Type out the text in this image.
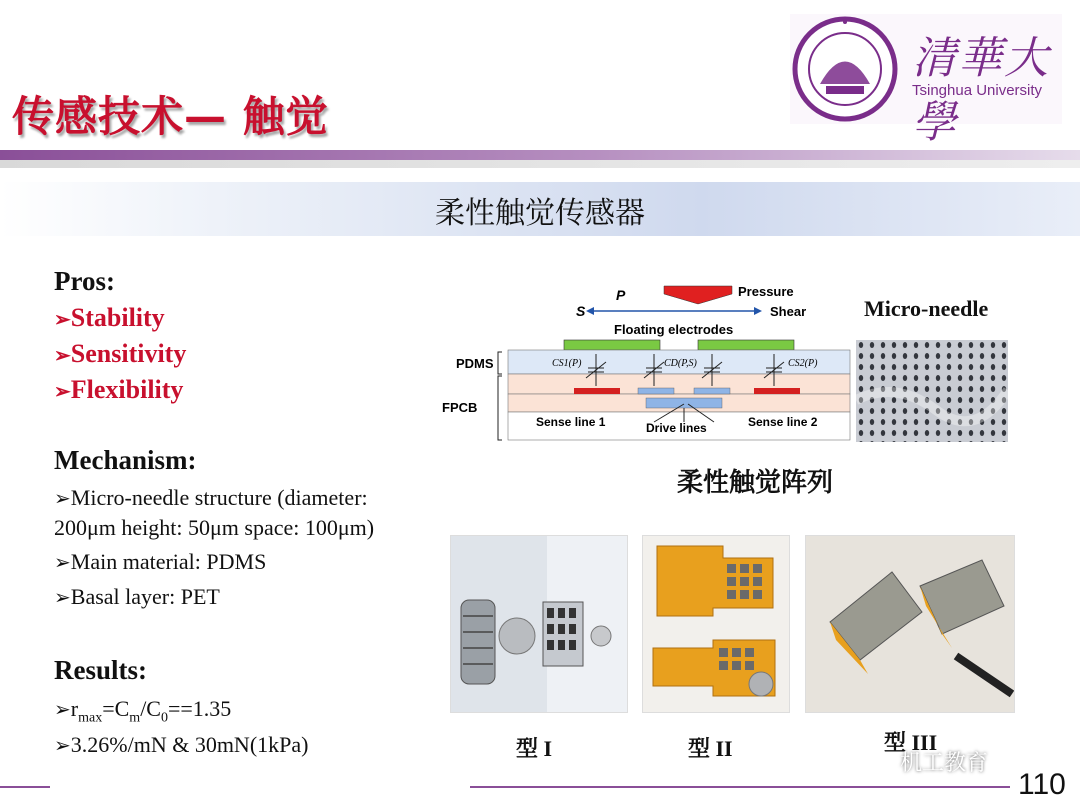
传感技术— 触觉
清華大學
Tsinghua University
柔性触觉传感器
Pros:
➢Stability
➢Sensitivity
➢Flexibility
Mechanism:
➢Micro-needle structure (diameter:
200μm height: 50μm space: 100μm)
➢Main material: PDMS
➢Basal layer: PET
Results:
$➢r_{max}=C_m/C_0==1.35$
➢3.26%/mN & 30mN(1kPa)
P	Pressure
S	Shear
Floating electrodes
CS1(P)	CD(P,S)	CS2(P)
PDMS
FPCB
Sense line 1	Drive lines	Sense line 2
Micro-needle
柔性触觉阵列
型 I	型 II	型 III
机工教育
110
